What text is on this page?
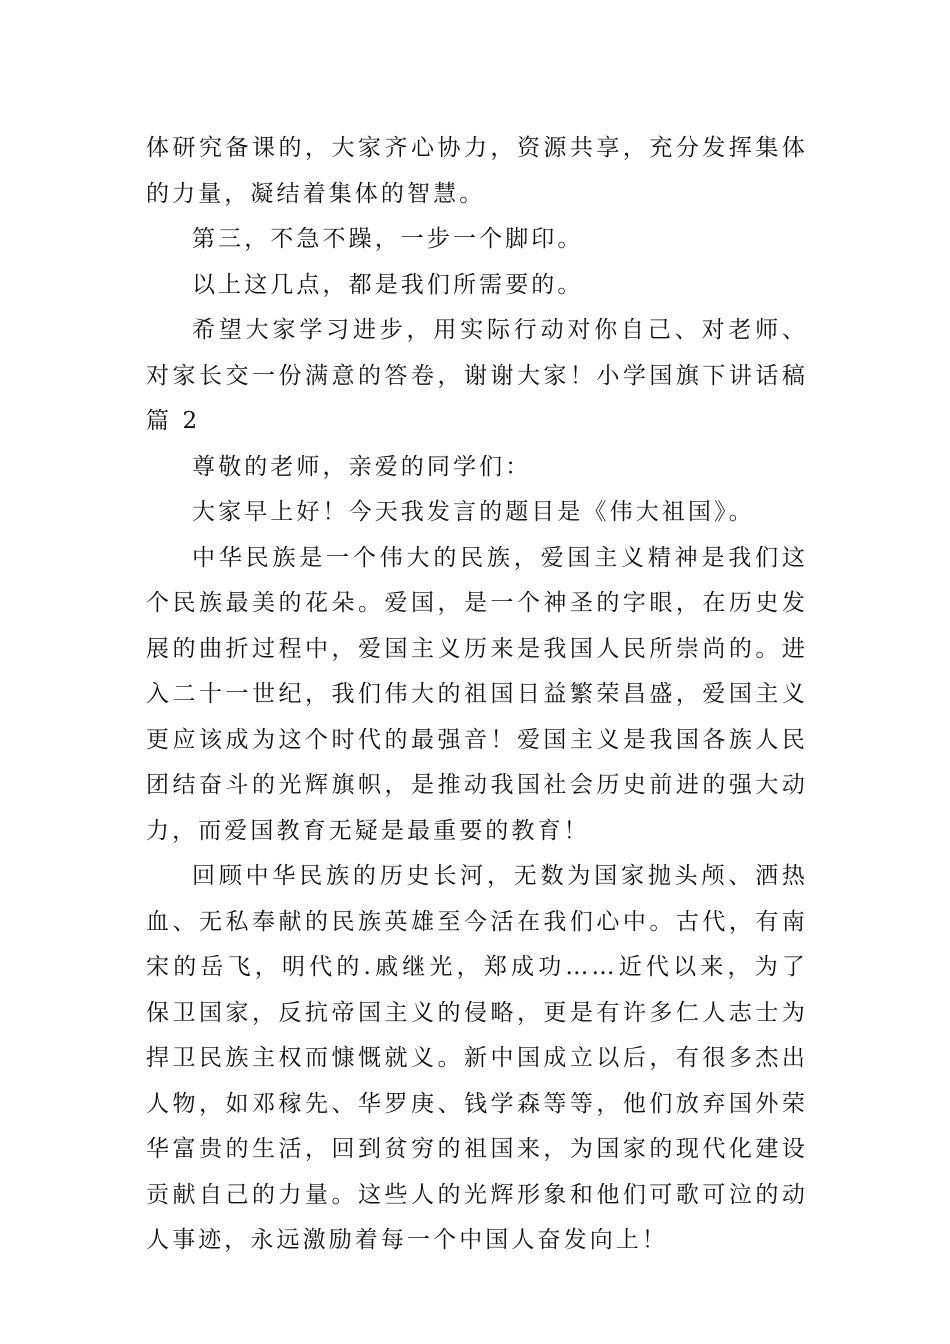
体研究备课的，大家齐心协力，资源共享，充分发挥集体的力量，凝结着集体的智慧。

第三，不急不躁，一步一个脚印。

以上这几点，都是我们所需要的。

希望大家学习进步，用实际行动对你自己、对老师、对家长交一份满意的答卷，谢谢大家！小学国旗下讲话稿篇 2

尊敬的老师，亲爱的同学们：

大家早上好！今天我发言的题目是《伟大祖国》。

中华民族是一个伟大的民族，爱国主义精神是我们这个民族最美的花朵。爱国，是一个神圣的字眼，在历史发展的曲折过程中，爱国主义历来是我国人民所崇尚的。进入二十一世纪，我们伟大的祖国日益繁荣昌盛，爱国主义更应该成为这个时代的最强音！爱国主义是我国各族人民团结奋斗的光辉旗帜，是推动我国社会历史前进的强大动力，而爱国教育无疑是最重要的教育！

回顾中华民族的历史长河，无数为国家抛头颅、洒热血、无私奉献的民族英雄至今活在我们心中。古代，有南宋的岳飞，明代的.戚继光，郑成功……近代以来，为了保卫国家，反抗帝国主义的侵略，更是有许多仁人志士为捍卫民族主权而慷慨就义。新中国成立以后，有很多杰出人物，如邓稼先、华罗庚、钱学森等等，他们放弃国外荣华富贵的生活，回到贫穷的祖国来，为国家的现代化建设贡献自己的力量。这些人的光辉形象和他们可歌可泣的动人事迹，永远激励着每一个中国人奋发向上！
